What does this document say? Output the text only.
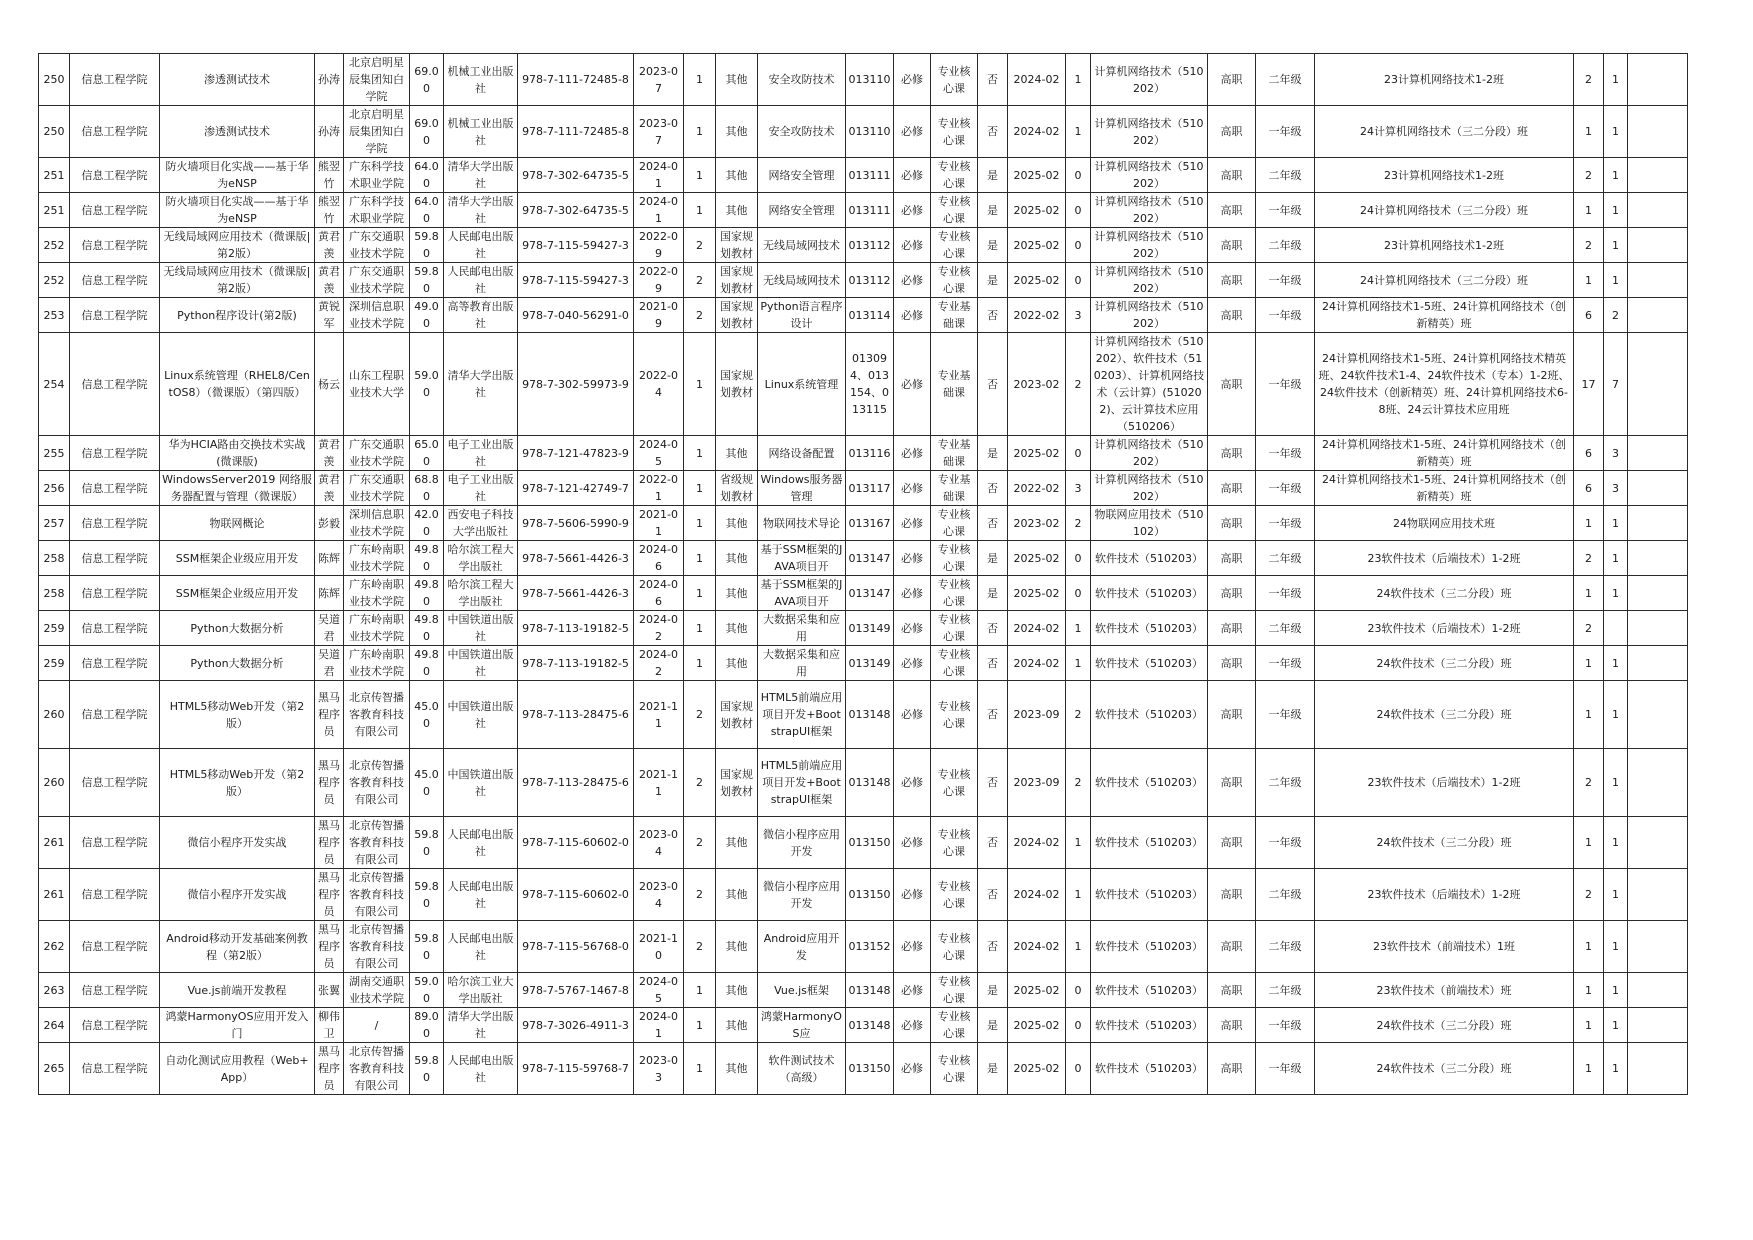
250	信息工程学院	渗透测试技术	孙涛	北京启明星辰集团知白学院	69.00	机械工业出版社	978-7-111-72485-8	2023-07	1	其他	安全攻防技术	013110	必修	专业核心课	否	2024-02	1	计算机网络技术（510202）	高职	二年级	23计算机网络技术1-2班	2	1	
250	信息工程学院	渗透测试技术	孙涛	北京启明星辰集团知白学院	69.00	机械工业出版社	978-7-111-72485-8	2023-07	1	其他	安全攻防技术	013110	必修	专业核心课	否	2024-02	1	计算机网络技术（510202）	高职	一年级	24计算机网络技术（三二分段）班	1	1	
251	信息工程学院	防火墙项目化实战——基于华为eNSP	熊翌竹	广东科学技术职业学院	64.00	清华大学出版社	978-7-302-64735-5	2024-01	1	其他	网络安全管理	013111	必修	专业核心课	是	2025-02	0	计算机网络技术（510202）	高职	二年级	23计算机网络技术1-2班	2	1	
251	信息工程学院	防火墙项目化实战——基于华为eNSP	熊翌竹	广东科学技术职业学院	64.00	清华大学出版社	978-7-302-64735-5	2024-01	1	其他	网络安全管理	013111	必修	专业核心课	是	2025-02	0	计算机网络技术（510202）	高职	一年级	24计算机网络技术（三二分段）班	1	1	
252	信息工程学院	无线局域网应用技术（微课版|第2版）	黄君羡	广东交通职业技术学院	59.80	人民邮电出版社	978-7-115-59427-3	2022-09	2	国家规划教材	无线局域网技术	013112	必修	专业核心课	是	2025-02	0	计算机网络技术（510202）	高职	二年级	23计算机网络技术1-2班	2	1	
252	信息工程学院	无线局域网应用技术（微课版|第2版）	黄君羡	广东交通职业技术学院	59.80	人民邮电出版社	978-7-115-59427-3	2022-09	2	国家规划教材	无线局域网技术	013112	必修	专业核心课	是	2025-02	0	计算机网络技术（510202）	高职	一年级	24计算机网络技术（三二分段）班	1	1	
253	信息工程学院	Python程序设计(第2版)	黄锐军	深圳信息职业技术学院	49.00	高等教育出版社	978-7-040-56291-0	2021-09	2	国家规划教材	Python语言程序设计	013114	必修	专业基础课	否	2022-02	3	计算机网络技术（510202）	高职	一年级	24计算机网络技术1-5班、24计算机网络技术（创新精英）班	6	2	
254	信息工程学院	Linux系统管理（RHEL8/CentOS8）（微课版）（第四版）	杨云	山东工程职业技术大学	59.00	清华大学出版社	978-7-302-59973-9	2022-04	1	国家规划教材	Linux系统管理	013094、013154、013115	必修	专业基础课	否	2023-02	2	计算机网络技术（510202）、软件技术（510203）、计算机网络技术（云计算）(510202)、云计算技术应用（510206）	高职	一年级	24计算机网络技术1-5班、24计算机网络技术精英班、24软件技术1-4、24软件技术（专本）1-2班、24软件技术（创新精英）班、24计算机网络技术6-8班、24云计算技术应用班	17	7	
255	信息工程学院	华为HCIA路由交换技术实战(微课版)	黄君羡	广东交通职业技术学院	65.00	电子工业出版社	978-7-121-47823-9	2024-05	1	其他	网络设备配置	013116	必修	专业基础课	是	2025-02	0	计算机网络技术（510202）	高职	一年级	24计算机网络技术1-5班、24计算机网络技术（创新精英）班	6	3	
256	信息工程学院	WindowsServer2019 网络服务器配置与管理（微课版）	黄君羡	广东交通职业技术学院	68.80	电子工业出版社	978-7-121-42749-7	2022-01	1	省级规划教材	Windows服务器管理	013117	必修	专业基础课	否	2022-02	3	计算机网络技术（510202）	高职	一年级	24计算机网络技术1-5班、24计算机网络技术（创新精英）班	6	3	
257	信息工程学院	物联网概论	彭毅	深圳信息职业技术学院	42.00	西安电子科技大学出版社	978-7-5606-5990-9	2021-01	1	其他	物联网技术导论	013167	必修	专业核心课	否	2023-02	2	物联网应用技术（510102）	高职	一年级	24物联网应用技术班	1	1	
258	信息工程学院	SSM框架企业级应用开发	陈辉	广东岭南职业技术学院	49.80	哈尔滨工程大学出版社	978-7-5661-4426-3	2024-06	1	其他	基于SSM框架的JAVA项目开	013147	必修	专业核心课	是	2025-02	0	软件技术（510203）	高职	二年级	23软件技术（后端技术）1-2班	2	1	
258	信息工程学院	SSM框架企业级应用开发	陈辉	广东岭南职业技术学院	49.80	哈尔滨工程大学出版社	978-7-5661-4426-3	2024-06	1	其他	基于SSM框架的JAVA项目开	013147	必修	专业核心课	是	2025-02	0	软件技术（510203）	高职	一年级	24软件技术（三二分段）班	1	1	
259	信息工程学院	Python大数据分析	吴道君	广东岭南职业技术学院	49.80	中国铁道出版社	978-7-113-19182-5	2024-02	1	其他	大数据采集和应用	013149	必修	专业核心课	否	2024-02	1	软件技术（510203）	高职	二年级	23软件技术（后端技术）1-2班	2		
259	信息工程学院	Python大数据分析	吴道君	广东岭南职业技术学院	49.80	中国铁道出版社	978-7-113-19182-5	2024-02	1	其他	大数据采集和应用	013149	必修	专业核心课	否	2024-02	1	软件技术（510203）	高职	一年级	24软件技术（三二分段）班	1	1	
260	信息工程学院	HTML5移动Web开发（第2版）	黑马程序员	北京传智播客教育科技有限公司	45.00	中国铁道出版社	978-7-113-28475-6	2021-11	2	国家规划教材	HTML5前端应用项目开发+BootstrapUI框架	013148	必修	专业核心课	否	2023-09	2	软件技术（510203）	高职	一年级	24软件技术（三二分段）班	1	1	
260	信息工程学院	HTML5移动Web开发（第2版）	黑马程序员	北京传智播客教育科技有限公司	45.00	中国铁道出版社	978-7-113-28475-6	2021-11	2	国家规划教材	HTML5前端应用项目开发+BootstrapUI框架	013148	必修	专业核心课	否	2023-09	2	软件技术（510203）	高职	二年级	23软件技术（后端技术）1-2班	2	1	
261	信息工程学院	微信小程序开发实战	黑马程序员	北京传智播客教育科技有限公司	59.80	人民邮电出版社	978-7-115-60602-0	2023-04	2	其他	微信小程序应用开发	013150	必修	专业核心课	否	2024-02	1	软件技术（510203）	高职	一年级	24软件技术（三二分段）班	1	1	
261	信息工程学院	微信小程序开发实战	黑马程序员	北京传智播客教育科技有限公司	59.80	人民邮电出版社	978-7-115-60602-0	2023-04	2	其他	微信小程序应用开发	013150	必修	专业核心课	否	2024-02	1	软件技术（510203）	高职	二年级	23软件技术（后端技术）1-2班	2	1	
262	信息工程学院	Android移动开发基础案例教程（第2版）	黑马程序员	北京传智播客教育科技有限公司	59.80	人民邮电出版社	978-7-115-56768-0	2021-10	2	其他	Android应用开发	013152	必修	专业核心课	否	2024-02	1	软件技术（510203）	高职	二年级	23软件技术（前端技术）1班	1	1	
263	信息工程学院	Vue.js前端开发教程	张翼	湖南交通职业技术学院	59.00	哈尔滨工业大学出版社	978-7-5767-1467-8	2024-05	1	其他	Vue.js框架	013148	必修	专业核心课	是	2025-02	0	软件技术（510203）	高职	二年级	23软件技术（前端技术）班	1	1	
264	信息工程学院	鸿蒙HarmonyOS应用开发入门	柳伟卫	/	89.00	清华大学出版社	978-7-3026-4911-3	2024-01	1	其他	鸿蒙HarmonyOS应	013148	必修	专业核心课	是	2025-02	0	软件技术（510203）	高职	一年级	24软件技术（三二分段）班	1	1	
265	信息工程学院	自动化测试应用教程（Web+App）	黑马程序员	北京传智播客教育科技有限公司	59.80	人民邮电出版社	978-7-115-59768-7	2023-03	1	其他	软件测试技术（高级）	013150	必修	专业核心课	是	2025-02	0	软件技术（510203）	高职	一年级	24软件技术（三二分段）班	1	1	
